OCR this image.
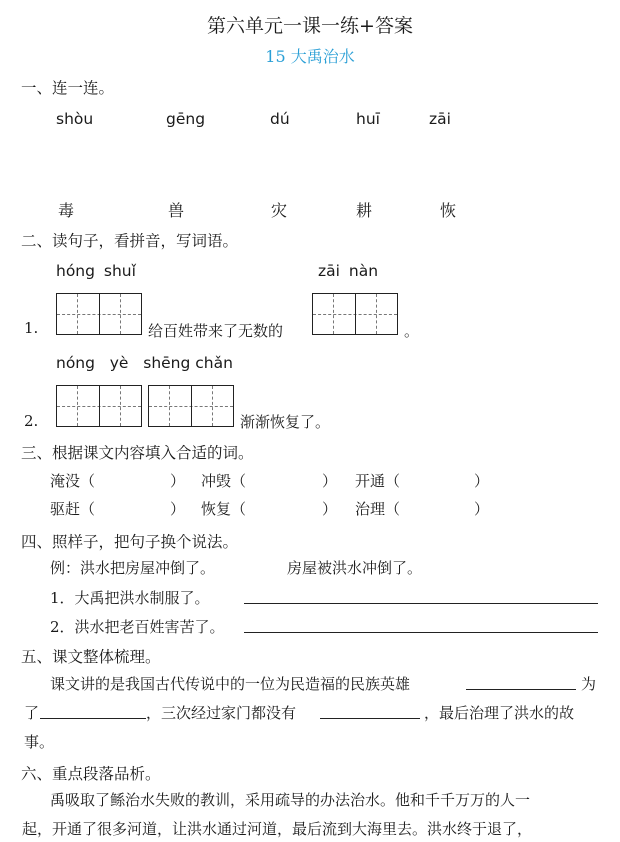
第六单元一课一练+答案
15 大禹治水
一、连一连。
shòu	gēng	dú	huī	zāi
毒	兽	灾	耕	恢
二、读句子，看拼音，写词语。
hóng shuǐ	zāi nàn
1.	给百姓带来了无数的	。
nóng   yè   shēng chǎn
2.	渐渐恢复了。
三、根据课文内容填入合适的词。
淹没（	） 冲毁（	） 开通（	）
驱赶（	） 恢复（	） 治理（	）
四、照样子，把句子换个说法。
例：洪水把房屋冲倒了。	房屋被洪水冲倒了。
1．大禹把洪水制服了。
2．洪水把老百姓害苦了。
五、课文整体梳理。
课文讲的是我国古代传说中的一位为民造福的民族英雄	为
了	，三次经过家门都没有	，最后治理了洪水的故
事。
六、重点段落品析。
禹吸取了鲧治水失败的教训，采用疏导的办法治水。他和千千万万的人一
起，开通了很多河道，让洪水通过河道，最后流到大海里去。洪水终于退了，
